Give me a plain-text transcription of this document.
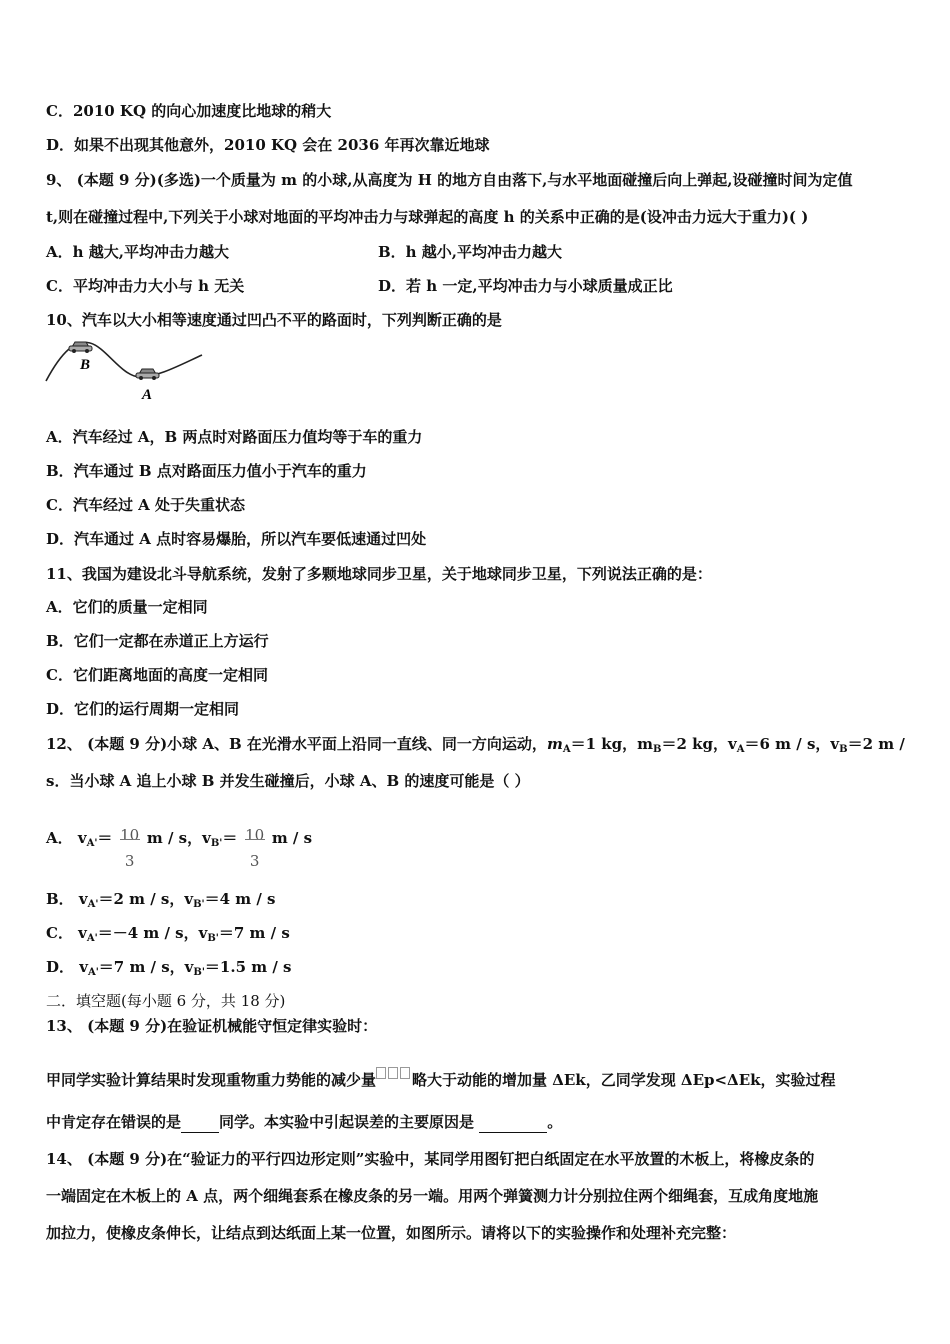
C．2010 KQ 的向心加速度比地球的稍大
D．如果不出现其他意外，2010 KQ 会在 2036 年再次靠近地球
9、 (本题 9 分)(多选)一个质量为 m 的小球,从高度为 H 的地方自由落下,与水平地面碰撞后向上弹起,设碰撞时间为定值
t,则在碰撞过程中,下列关于小球对地面的平均冲击力与球弹起的高度 h 的关系中正确的是(设冲击力远大于重力)( )
A．h 越大,平均冲击力越大	B．h 越小,平均冲击力越大
C．平均冲击力大小与 h 无关	D．若 h 一定,平均冲击力与小球质量成正比
10、汽车以大小相等速度通过凹凸不平的路面时，下列判断正确的是
B
A
A．汽车经过 A，B 两点时对路面压力值均等于车的重力
B．汽车通过 B 点对路面压力值小于汽车的重力
C．汽车经过 A 处于失重状态
D．汽车通过 A 点时容易爆胎，所以汽车要低速通过凹处
11、我国为建设北斗导航系统，发射了多颗地球同步卫星，关于地球同步卫星，下列说法正确的是：
A．它们的质量一定相同
B．它们一定都在赤道正上方运行
C．它们距离地面的高度一定相同
D．它们的运行周期一定相同
12、 (本题 9 分)小球 A、B 在光滑水平面上沿同一直线、同一方向运动，$m_A=1$ kg，$m_B=2$ kg，$v_A=6$ m / s，$v_B=2$ m /
s．当小球 A 追上小球 B 并发生碰撞后，小球 A、B 的速度可能是（ ）
A． $v_{A'}= 10$
3
m / s，$v_{B'}= 10$
3
m / s
B． $v_{A'}=2$ m / s，$v_{B'}=4$ m / s
C． $v_{A'}=-4$ m / s，$v_{B'}=7$ m / s
D． $v_{A'}=7$ m / s，$v_{B'}=1.5$ m / s
二．填空题(每小题 6 分，共 18 分)
13、 (本题 9 分)在验证机械能守恒定律实验时：
甲同学实验计算结果时发现重物重力势能的减少量 略大于动能的增加量 ΔEk，乙同学发现 ΔEp<ΔEk，实验过程
中肯定存在错误的是	同学。本实验中引起误差的主要原因是	。
14、 (本题 9 分)在“验证力的平行四边形定则”实验中，某同学用图钉把白纸固定在水平放置的木板上，将橡皮条的
一端固定在木板上的 A 点，两个细绳套系在橡皮条的另一端。用两个弹簧测力计分别拉住两个细绳套，互成角度地施
加拉力，使橡皮条伸长，让结点到达纸面上某一位置，如图所示。请将以下的实验操作和处理补充完整：
